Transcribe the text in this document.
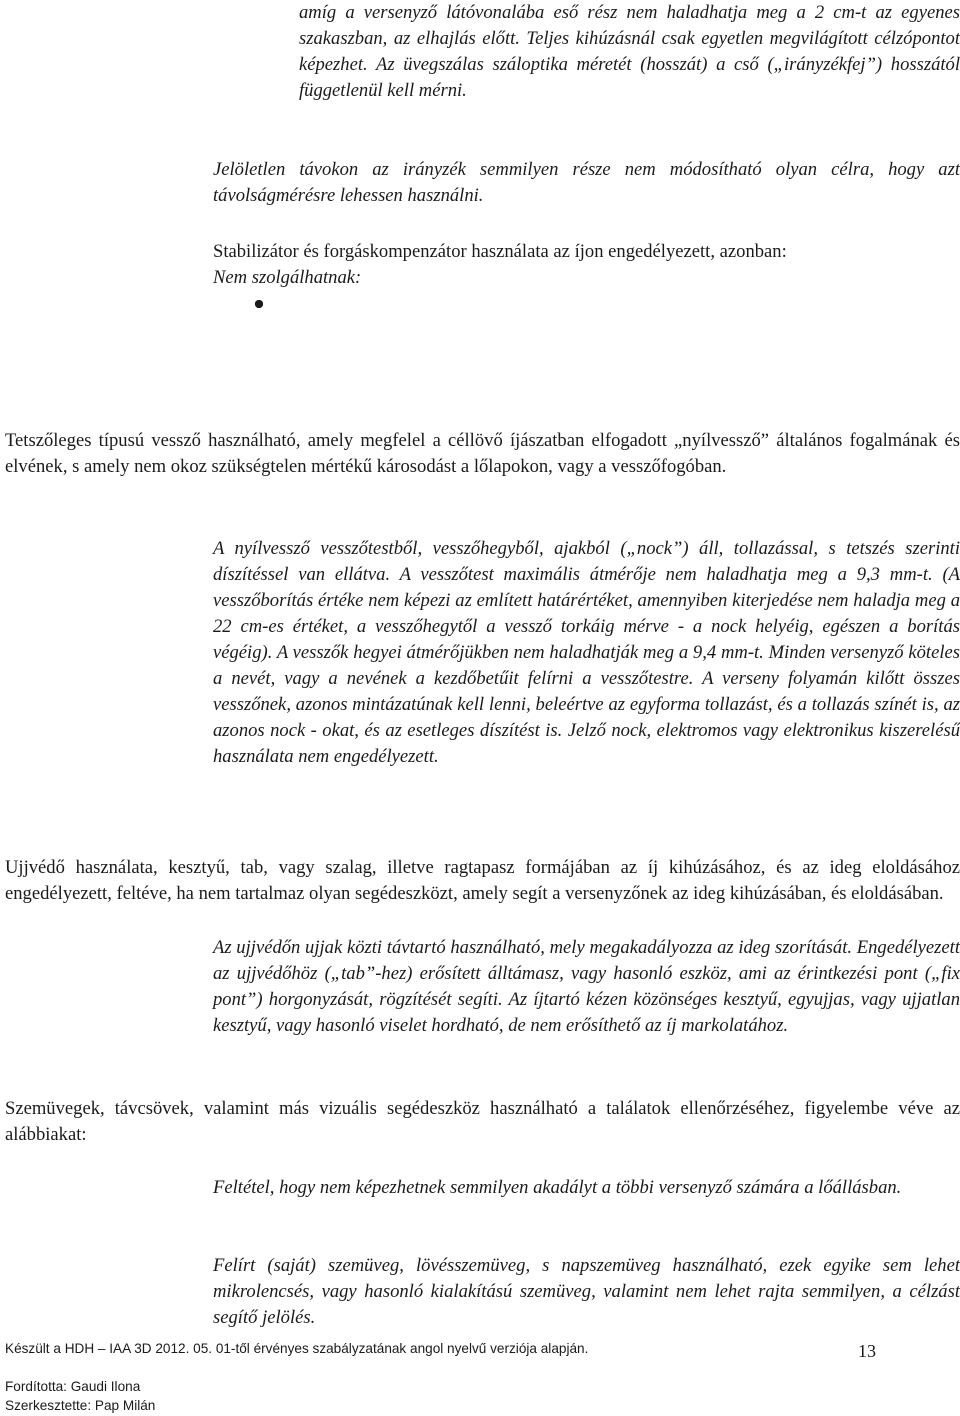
amíg a versenyző látóvonalába eső rész nem haladhatja meg a 2 cm-t az egyenes szakaszban, az elhajlás előtt. Teljes kihúzásnál csak egyetlen megvilágított célzópontot képezhet. Az üvegszálas száloptika méretét (hosszát) a cső („irányzékfej”) hosszától függetlenül kell mérni.

Jelöletlen távokon az irányzék semmilyen része nem módosítható olyan célra, hogy azt távolságmérésre lehessen használni.

Stabilizátor és forgáskompenzátor használata az íjon engedélyezett, azonban:

Nem szolgálhatnak:

Tetszőleges típusú vessző használható, amely megfelel a céllövő íjászatban elfogadott „nyílvessző” általános fogalmának és elvének, s amely nem okoz szükségtelen mértékű károsodást a lőlapokon, vagy a vesszőfogóban.

A nyílvessző vesszőtestből, vesszőhegyből, ajakból („nock”) áll, tollazással, s tetszés szerinti díszítéssel van ellátva. A vesszőtest maximális átmérője nem haladhatja meg a 9,3 mm-t. (A vesszőborítás értéke nem képezi az említett határértéket, amennyiben kiterjedése nem haladja meg a 22 cm-es értéket, a vesszőhegytől a vessző torkáig mérve - a nock helyéig, egészen a borítás végéig). A vesszők hegyei átmérőjükben nem haladhatják meg a 9,4 mm-t. Minden versenyző köteles a nevét, vagy a nevének a kezdőbetűit felírni a vesszőtestre. A verseny folyamán kilőtt összes vesszőnek, azonos mintázatúnak kell lenni, beleértve az egyforma tollazást, és a tollazás színét is, az azonos nock - okat, és az esetleges díszítést is. Jelző nock, elektromos vagy elektronikus kiszerelésű használata nem engedélyezett.

Ujjvédő használata, kesztyű, tab, vagy szalag, illetve ragtapasz formájában az íj kihúzásához, és az ideg eloldásához engedélyezett, feltéve, ha nem tartalmaz olyan segédeszközt, amely segít a versenyzőnek az ideg kihúzásában, és eloldásában.

Az ujjvédőn ujjak közti távtartó használható, mely megakadályozza az ideg szorítását. Engedélyezett az ujjvédőhöz („tab”-hez) erősített álltámasz, vagy hasonló eszköz, ami az érintkezési pont („fix pont”) horgonyzását, rögzítését segíti. Az íjtartó kézen közönséges kesztyű, egyujjas, vagy ujjatlan kesztyű, vagy hasonló viselet hordható, de nem erősíthető az íj markolatához.

Szemüvegek, távcsövek, valamint más vizuális segédeszköz használható a találatok ellenőrzéséhez, figyelembe véve az alábbiakat:

Feltétel, hogy nem képezhetnek semmilyen akadályt a többi versenyző számára a lőállásban.

Felírt (saját) szemüveg, lövésszemüveg, s napszemüveg használható, ezek egyike sem lehet mikrolencsés, vagy hasonló kialakítású szemüveg, valamint nem lehet rajta semmilyen, a célzást segítő jelölés.

Készült a HDH – IAA 3D 2012. 05. 01-től érvényes szabályzatának angol nyelvű verziója alapján.	13
Fordította: Gaudi Ilona
Szerkesztette: Pap Milán
